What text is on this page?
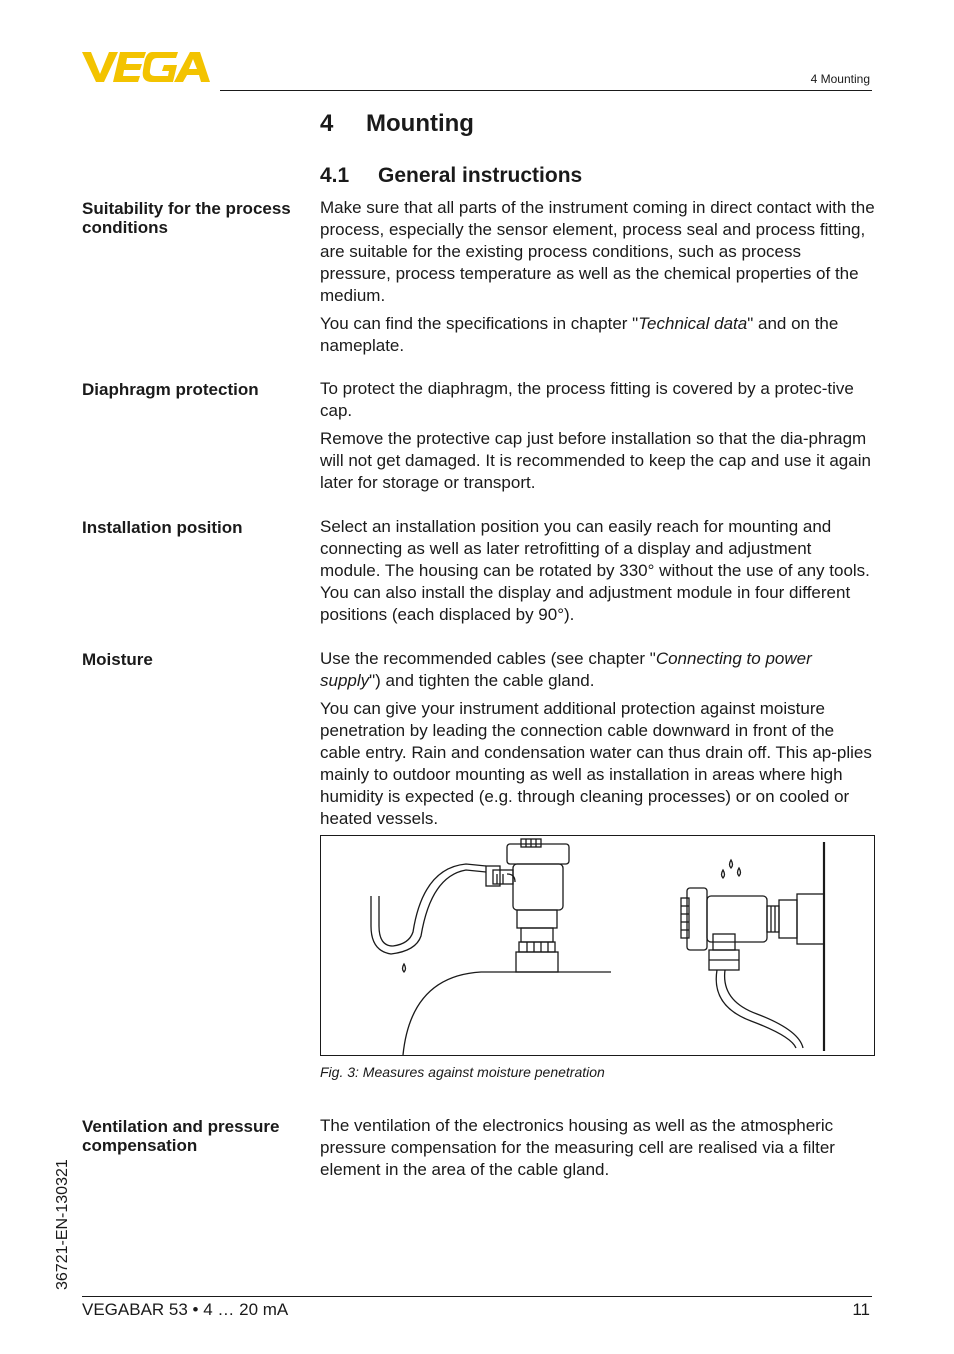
4 Mounting
4 Mounting
4.1 General instructions
Suitability for the process conditions

Make sure that all parts of the instrument coming in direct contact with the process, especially the sensor element, process seal and process fitting, are suitable for the existing process conditions, such as process pressure, process temperature as well as the chemical properties of the medium.

You can find the specifications in chapter "Technical data" and on the nameplate.

Diaphragm protection	To protect the diaphragm, the process fitting is covered by a protec-tive cap.

Remove the protective cap just before installation so that the dia-phragm will not get damaged. It is recommended to keep the cap and use it again later for storage or transport.

Installation position	Select an installation position you can easily reach for mounting and connecting as well as later retrofitting of a display and adjustment module. The housing can be rotated by 330° without the use of any tools. You can also install the display and adjustment module in four different positions (each displaced by 90°).

Moisture	Use the recommended cables (see chapter "Connecting to power supply") and tighten the cable gland.

You can give your instrument additional protection against moisture penetration by leading the connection cable downward in front of the cable entry. Rain and condensation water can thus drain off. This ap-plies mainly to outdoor mounting as well as installation in areas where high humidity is expected (e.g. through cleaning processes) or on cooled or heated vessels.

Fig. 3: Measures against moisture penetration
Ventilation and pressure compensation

The ventilation of the electronics housing as well as the atmospheric pressure compensation for the measuring cell are realised via a filter element in the area of the cable gland.

36721-EN-130321
VEGABAR 53 • 4 … 20 mA	11
